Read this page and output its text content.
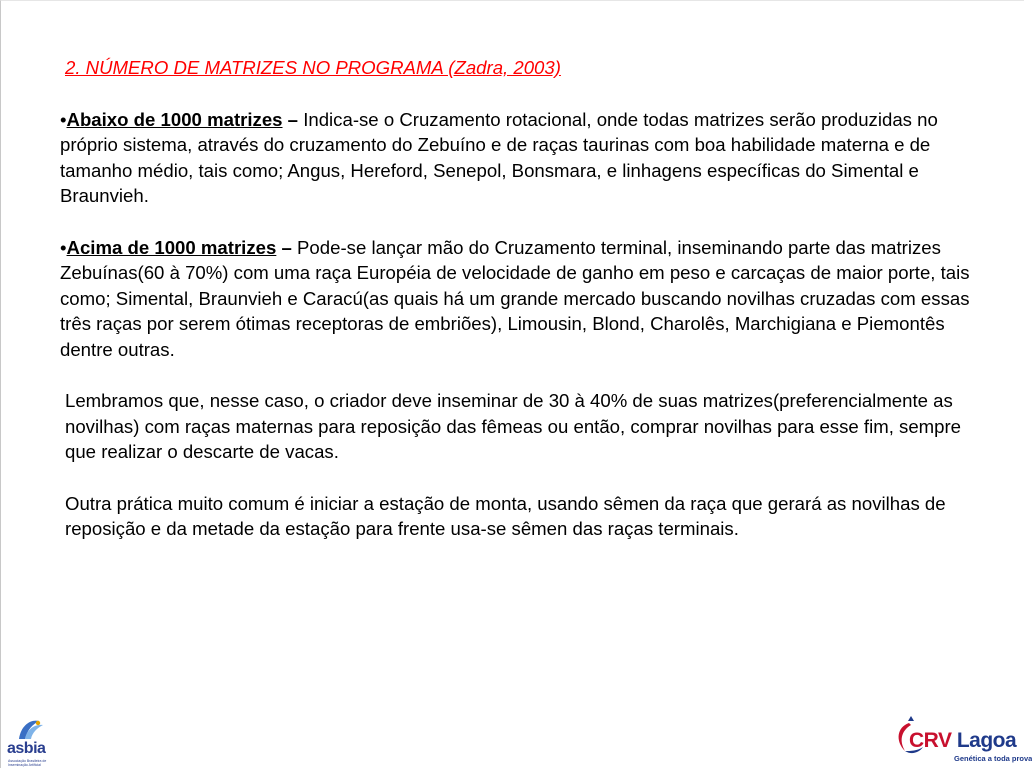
2. NÚMERO DE MATRIZES NO PROGRAMA (Zadra, 2003)
•Abaixo de 1000 matrizes – Indica-se o Cruzamento rotacional, onde todas matrizes serão produzidas no próprio sistema, através do cruzamento do Zebuíno e de raças taurinas com boa habilidade materna e de tamanho médio, tais como; Angus, Hereford, Senepol, Bonsmara, e linhagens específicas do Simental e Braunvieh.
•Acima de 1000 matrizes – Pode-se lançar mão do Cruzamento terminal, inseminando parte das matrizes Zebuínas(60 à 70%) com uma raça Européia de velocidade de ganho em peso e carcaças de maior porte, tais como; Simental, Braunvieh e Caracú(as quais há um grande mercado buscando novilhas cruzadas com essas três raças por serem ótimas receptoras de embriões), Limousin, Blond, Charolês, Marchigiana e Piemontês dentre outras.
Lembramos que, nesse caso, o criador deve inseminar de 30 à 40% de suas matrizes(preferencialmente as novilhas) com raças maternas para reposição das fêmeas ou então, comprar novilhas para esse fim, sempre que realizar o descarte de vacas.
Outra prática muito comum é iniciar a estação de monta, usando sêmen da raça que gerará as novilhas de reposição e da metade da estação para frente usa-se sêmen das raças terminais.
asbia
Associação Brasileira de Inseminação Artificial
CRV Lagoa
Genética a toda prova
